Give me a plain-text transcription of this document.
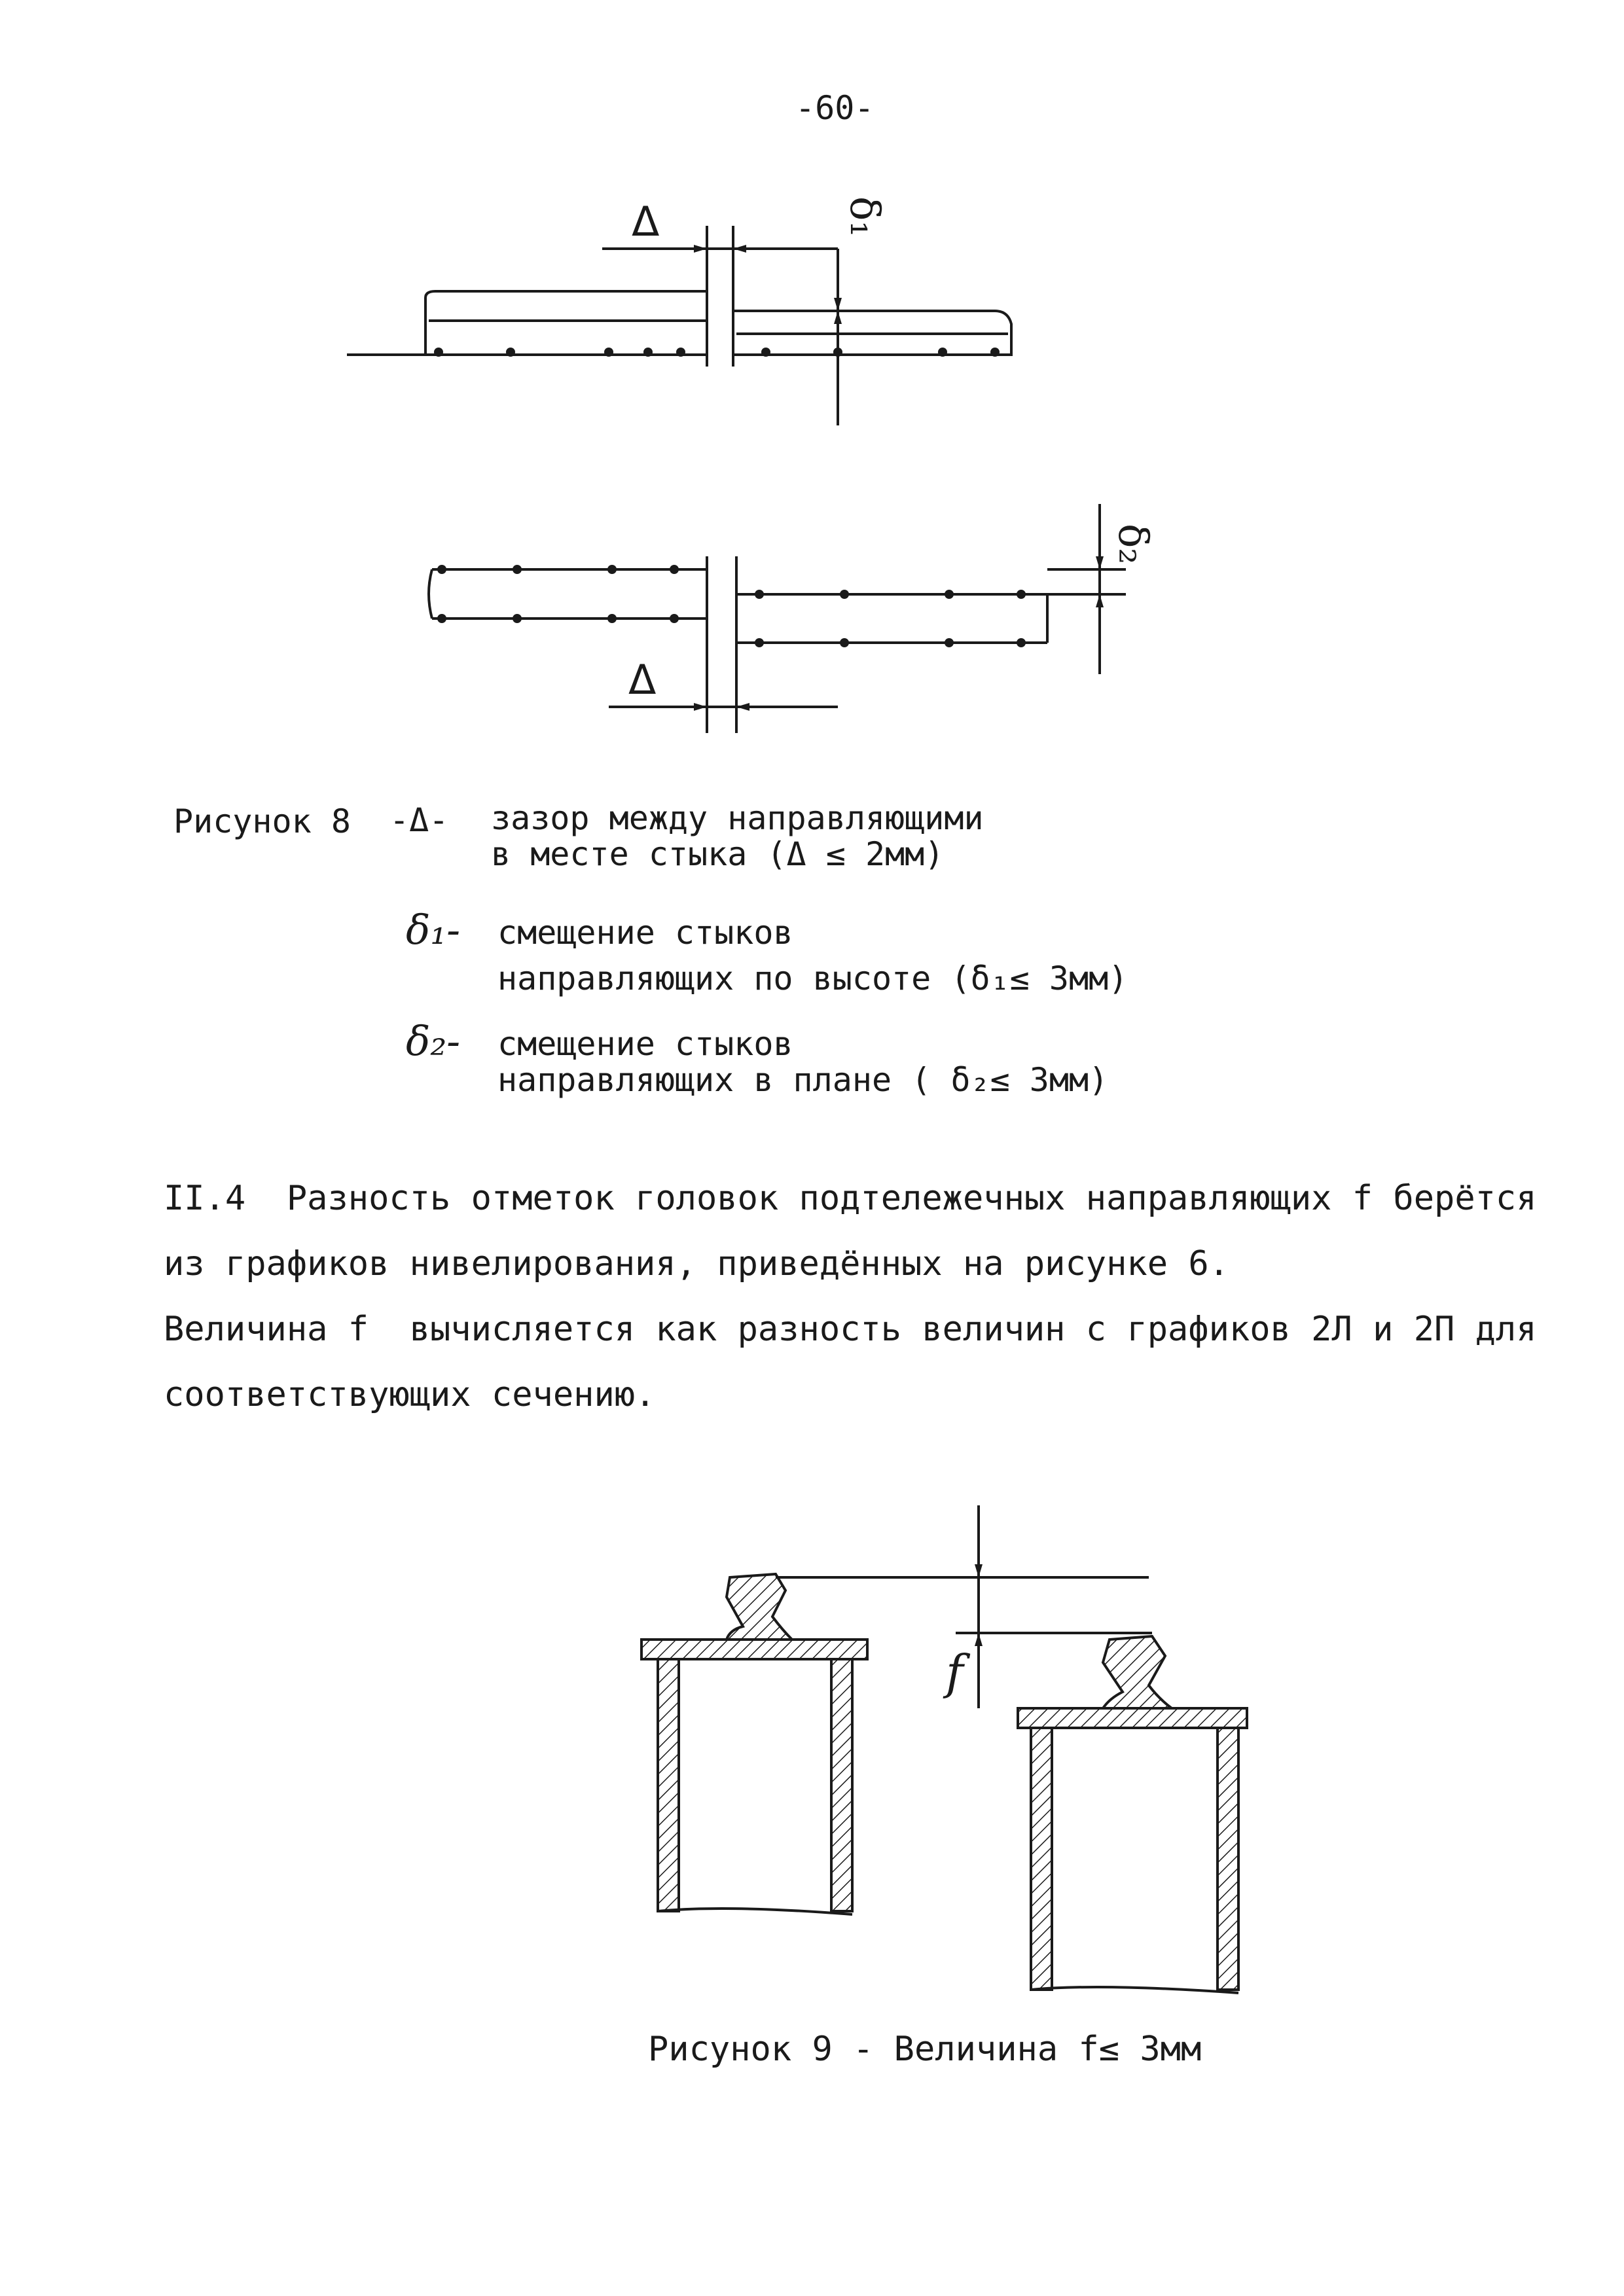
-60-
Δ	δ₁
Δ
δ₂
Рисунок 8 -Δ- зазор между направляющими
в месте стыка (Δ ≤ 2мм)
δ₁- смещение стыков
направляющих по высоте (δ₁≤ 3мм)
δ₂- смещение стыков
направляющих в плане ( δ₂≤ 3мм)
II.4  Разность отметок головок подтележечных направляющих f берётся
из графиков нивелирования, приведённых на рисунке 6.
Величина f  вычисляется как разность величин с графиков 2Л и 2П для
соответствующих сечению.
f
Рисунок 9 - Величина f≤ 3мм
